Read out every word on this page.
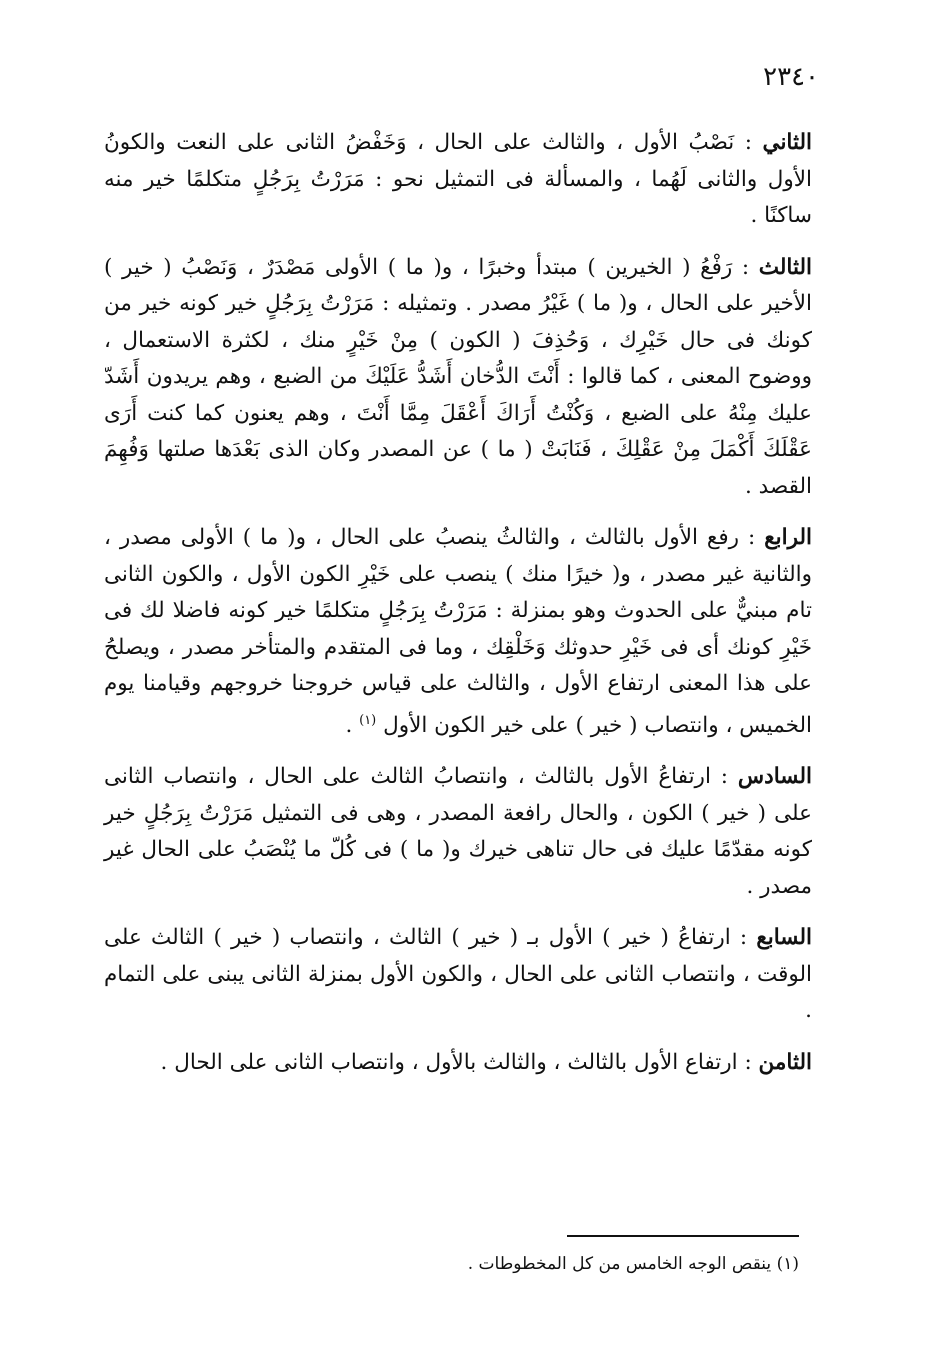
٢٣٤٠

الثاني : نَصْبُ الأول ، والثالث على الحال ، وَخَفْضُ الثانى على النعت والكونُ الأول والثانى لَهُما ، والمسألة فى التمثيل نحو : مَرَرْتُ بِرَجُلٍ متكلمًا خير منه ساكنًا .

الثالث : رَفْعُ ( الخيرين ) مبتدأ وخبرًا ، و( ما ) الأولى مَصْدَرٌ ، وَنَصْبُ ( خير ) الأخير على الحال ، و( ما ) غَيْرُ مصدر . وتمثيله : مَرَرْتُ بِرَجُلٍ خير كونه خير من كونك فى حال خَيْرِك ، وَحُذِفَ ( الكون ) مِنْ خَيْرٍ منك ، لكثرة الاستعمال ، ووضوح المعنى ، كما قالوا : أَنْتَ الدُّخان أَشَدُّ عَلَيْكَ من الضبع ، وهم يريدون أَشَدّ عليك مِنْهُ على الضبع ، وَكُنْتُ أَرَاكَ أَعْقَلَ مِمَّا أَنْتَ ، وهم يعنون كما كنت أَرَى عَقْلَكَ أَكْمَلَ مِنْ عَقْلِكَ ، فَنَابَتْ ( ما ) عن المصدر وكان الذى بَعْدَها صلتها وَفُهِمَ القصد .

الرابع : رفع الأول بالثالث ، والثالثُ ينصبُ على الحال ، و( ما ) الأولى مصدر ، والثانية غير مصدر ، و( خيرًا منك ) ينصب على خَيْرِ الكون الأول ، والكون الثانى تام مبنيٌّ على الحدوث وهو بمنزلة : مَرَرْتُ بِرَجُلٍ متكلمًا خير كونه فاضلا لك فى خَيْرِ كونك أى فى خَيْرِ حدوثك وَخَلْقِك ، وما فى المتقدم والمتأخر مصدر ، ويصلحُ على هذا المعنى ارتفاع الأول ، والثالث على قياس خروجنا خروجهم وقيامنا يوم الخميس ، وانتصاب ( خير ) على خير الكون الأول $^{(١)}$ .

السادس : ارتفاعُ الأول بالثالث ، وانتصابُ الثالث على الحال ، وانتصاب الثانى على ( خير ) الكون ، والحال رافعة المصدر ، وهى فى التمثيل مَرَرْتُ بِرَجُلٍ خير كونه مقدّمًا عليك فى حال تناهى خيرك و( ما ) فى كُلّ ما يُنْصَبُ على الحال غير مصدر .

السابع : ارتفاعُ ( خير ) الأول بـ ( خير ) الثالث ، وانتصاب ( خير ) الثالث على الوقت ، وانتصاب الثانى على الحال ، والكون الأول بمنزلة الثانى يبنى على التمام .

الثامن : ارتفاع الأول بالثالث ، والثالث بالأول ، وانتصاب الثانى على الحال .

(١) ينقص الوجه الخامس من كل المخطوطات .
